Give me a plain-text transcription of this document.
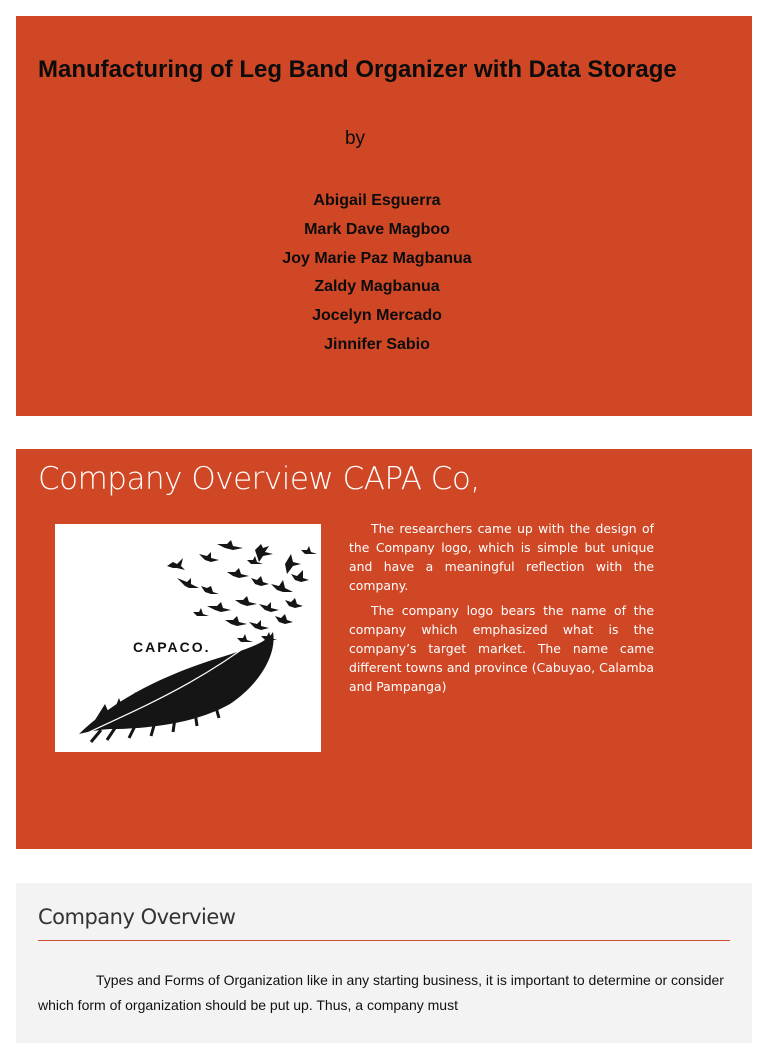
Manufacturing of Leg Band Organizer with Data Storage
by
Abigail Esguerra
Mark Dave Magboo
Joy Marie Paz Magbanua
Zaldy Magbanua
Jocelyn Mercado
Jinnifer Sabio
Company Overview CAPA Co,
CAPACO.

The researchers came up with the design of the Company logo, which is simple but unique and have a meaningful reflection with the company.

The company logo bears the name of the company which emphasized what is the company’s target market. The name came different towns and province (Cabuyao, Calamba and Pampanga)

Company Overview

Types and Forms of Organization like in any starting business, it is important to determine or consider which form of organization should be put up. Thus, a company must
